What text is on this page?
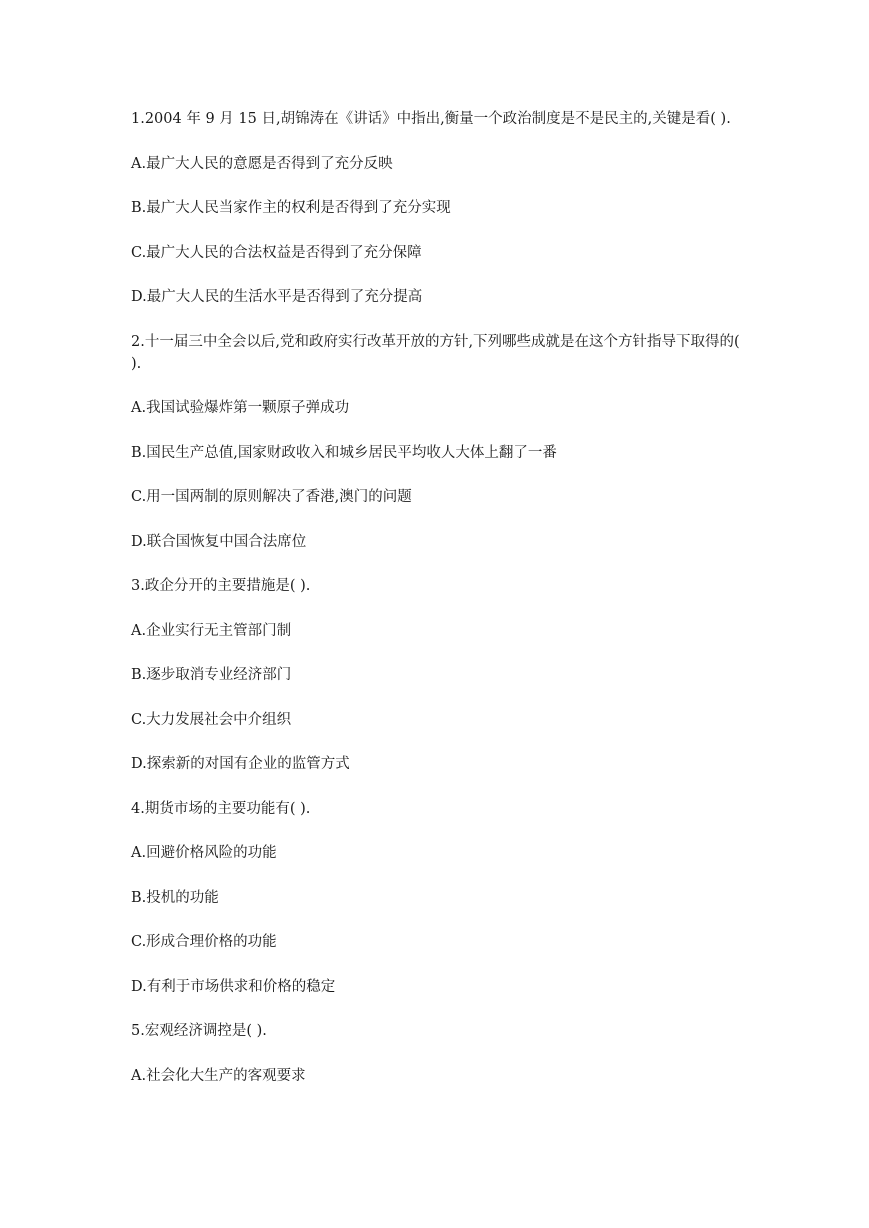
1.2004 年 9 月 15 日,胡锦涛在《讲话》中指出,衡量一个政治制度是不是民主的,关键是看( ).

A.最广大人民的意愿是否得到了充分反映

B.最广大人民当家作主的权利是否得到了充分实现

C.最广大人民的合法权益是否得到了充分保障

D.最广大人民的生活水平是否得到了充分提高

2.十一届三中全会以后,党和政府实行改革开放的方针,下列哪些成就是在这个方针指导下取得的( ).

A.我国试验爆炸第一颗原子弹成功

B.国民生产总值,国家财政收入和城乡居民平均收人大体上翻了一番

C.用一国两制的原则解决了香港,澳门的问题

D.联合国恢复中国合法席位

3.政企分开的主要措施是( ).

A.企业实行无主管部门制

B.逐步取消专业经济部门

C.大力发展社会中介组织

D.探索新的对国有企业的监管方式

4.期货市场的主要功能有( ).

A.回避价格风险的功能

B.投机的功能

C.形成合理价格的功能

D.有利于市场供求和价格的稳定

5.宏观经济调控是( ).

A.社会化大生产的客观要求
